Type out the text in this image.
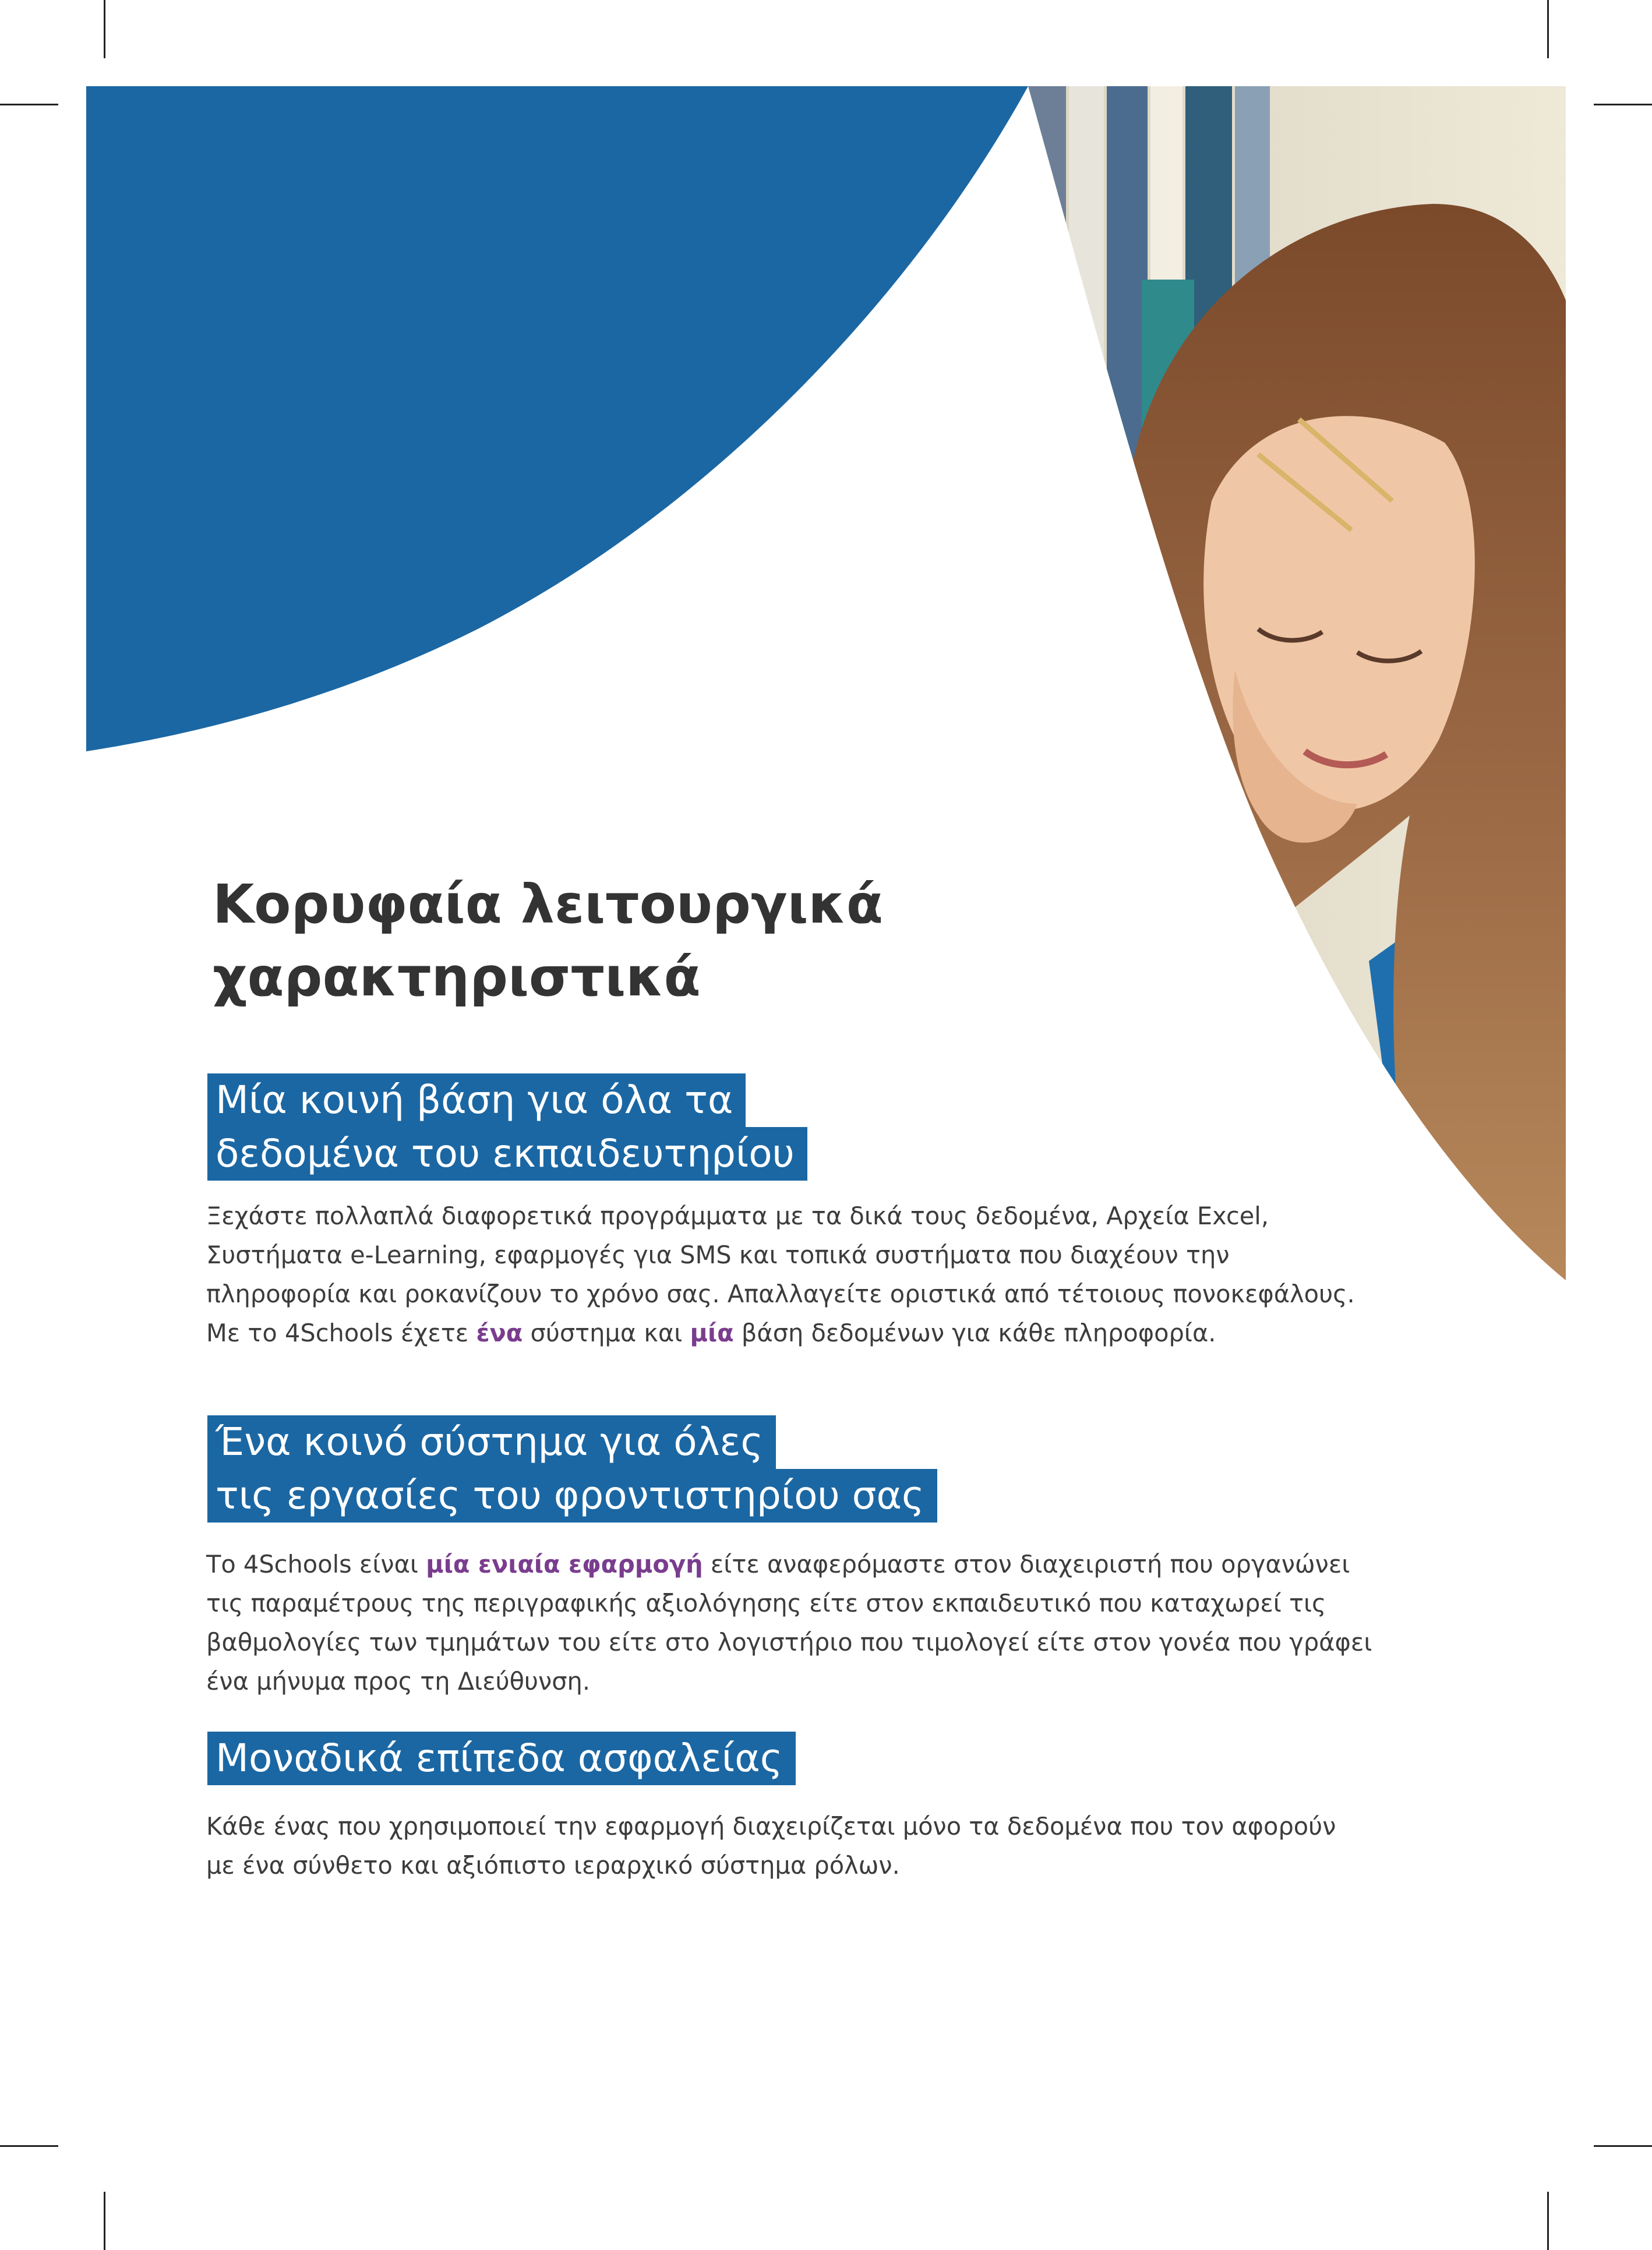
Κορυφαία λειτουργικά
χαρακτηριστικά
Μία κοινή βάση για όλα τα
δεδομένα του εκπαιδευτηρίου

Ξεχάστε πολλαπλά διαφορετικά προγράμματα με τα δικά τους δεδομένα, Αρχεία Excel,

Συστήματα e-Learning, εφαρμογές για SMS και τοπικά συστήματα που διαχέουν την

πληροφορία και ροκανίζουν το χρόνο σας. Απαλλαγείτε οριστικά από τέτοιους πονοκεφάλους.

Με το 4Schools έχετε ένα σύστημα και μία βάση δεδομένων για κάθε πληροφορία.

Ένα κοινό σύστημα για όλες
τις εργασίες του φροντιστηρίου σας

Το 4Schools είναι μία ενιαία εφαρμογή είτε αναφερόμαστε στον διαχειριστή που οργανώνει

τις παραμέτρους της περιγραφικής αξιολόγησης είτε στον εκπαιδευτικό που καταχωρεί τις

βαθμολογίες των τμημάτων του είτε στο λογιστήριο που τιμολογεί είτε στον γονέα που γράφει

ένα μήνυμα προς τη Διεύθυνση.

Μοναδικά επίπεδα ασφαλείας

Κάθε ένας που χρησιμοποιεί την εφαρμογή διαχειρίζεται μόνο τα δεδομένα που τον αφορούν

με ένα σύνθετο και αξιόπιστο ιεραρχικό σύστημα ρόλων.
